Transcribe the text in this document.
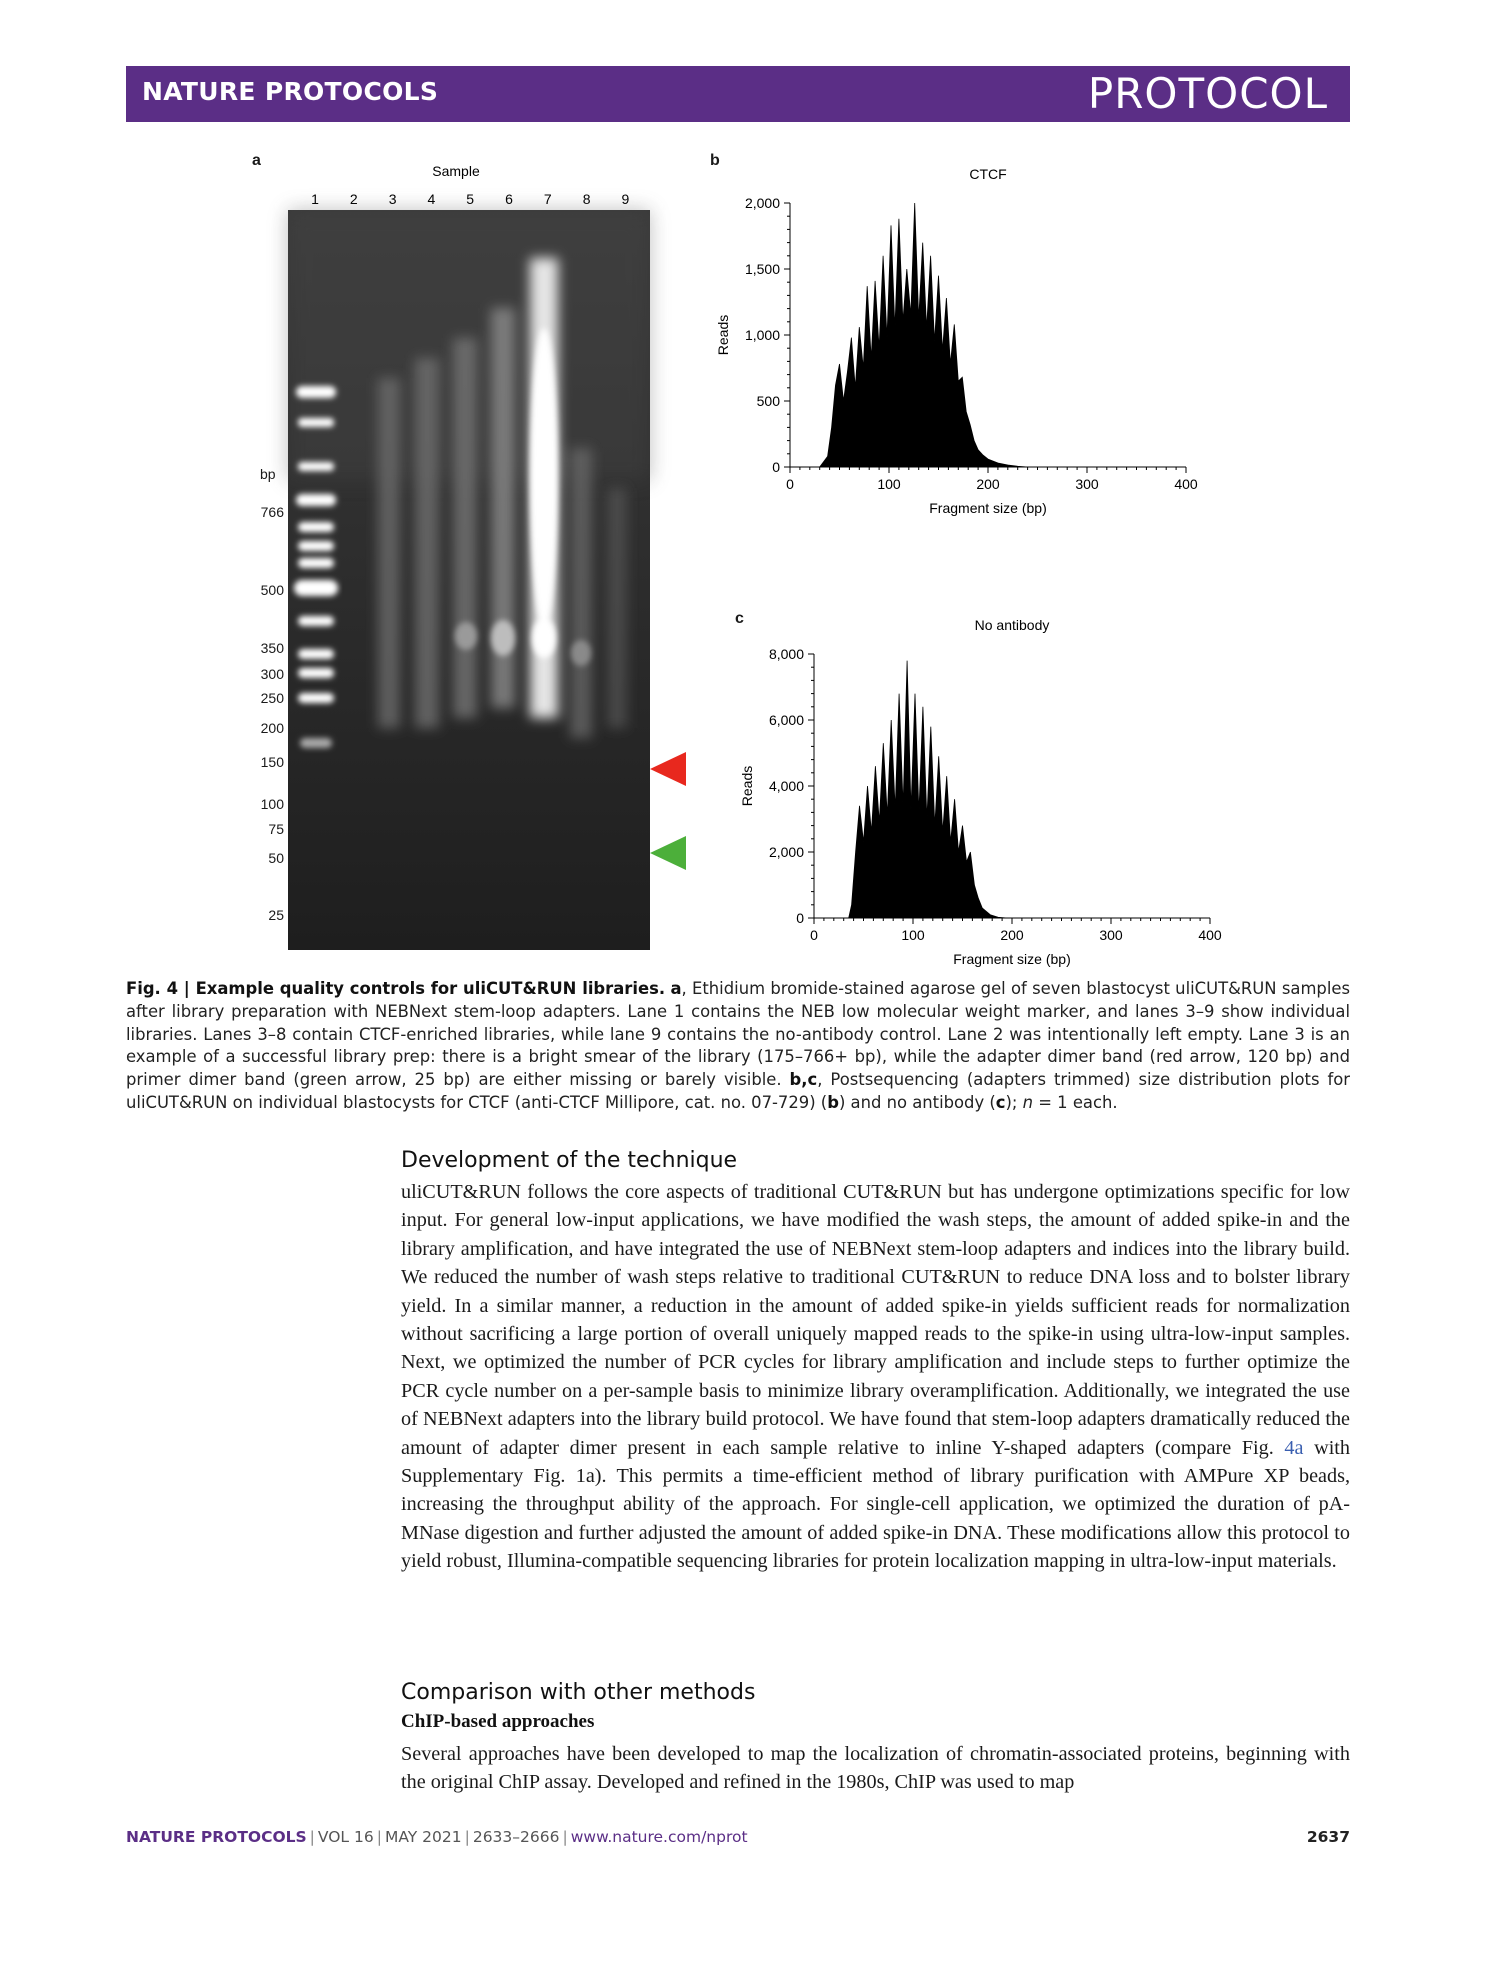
NATURE PROTOCOLS	PROTOCOL
a
Sample
1 2 3 4 5 6 7 8 9
bp
766
500
350
300
250
200
150
100
75
50
25
b
CTCF
0
500
1,000
1,500
2,000
0	100	200	300	400
Fragment size (bp)
Reads
c	No antibody
0
2,000
4,000
6,000
8,000
0	100	200	300	400
Fragment size (bp)
Reads
Fig. 4 | Example quality controls for uliCUT&RUN libraries. a, Ethidium bromide-stained agarose gel of seven blastocyst uliCUT&RUN samples after library preparation with NEBNext stem-loop adapters. Lane 1 contains the NEB low molecular weight marker, and lanes 3–9 show individual libraries. Lanes 3–8 contain CTCF-enriched libraries, while lane 9 contains the no-antibody control. Lane 2 was intentionally left empty. Lane 3 is an example of a successful library prep: there is a bright smear of the library (175–766+ bp), while the adapter dimer band (red arrow, 120 bp) and primer dimer band (green arrow, 25 bp) are either missing or barely visible. b,c, Postsequencing (adapters trimmed) size distribution plots for uliCUT&RUN on individual blastocysts for CTCF (anti-CTCF Millipore, cat. no. 07-729) (b) and no antibody (c); n = 1 each.
Development of the technique
uliCUT&RUN follows the core aspects of traditional CUT&RUN but has undergone optimizations specific for low input. For general low-input applications, we have modified the wash steps, the amount of added spike-in and the library amplification, and have integrated the use of NEBNext stem-loop adapters and indices into the library build. We reduced the number of wash steps relative to traditional CUT&RUN to reduce DNA loss and to bolster library yield. In a similar manner, a reduction in the amount of added spike-in yields sufficient reads for normalization without sacrificing a large portion of overall uniquely mapped reads to the spike-in using ultra-low-input samples. Next, we optimized the number of PCR cycles for library amplification and include steps to further optimize the PCR cycle number on a per-sample basis to minimize library overamplification. Additionally, we integrated the use of NEBNext adapters into the library build protocol. We have found that stem-loop adapters dramatically reduced the amount of adapter dimer present in each sample relative to inline Y-shaped adapters (compare Fig. 4a with Supplementary Fig. 1a). This permits a time-efficient method of library purification with AMPure XP beads, increasing the throughput ability of the approach. For single-cell application, we optimized the duration of pA-MNase digestion and further adjusted the amount of added spike-in DNA. These modifications allow this protocol to yield robust, Illumina-compatible sequencing libraries for protein localization mapping in ultra-low-input materials.
Comparison with other methods
ChIP-based approaches
Several approaches have been developed to map the localization of chromatin-associated proteins, beginning with the original ChIP assay. Developed and refined in the 1980s, ChIP was used to map
NATURE PROTOCOLS | VOL 16 | MAY 2021 | 2633–2666 | www.nature.com/nprot	2637
